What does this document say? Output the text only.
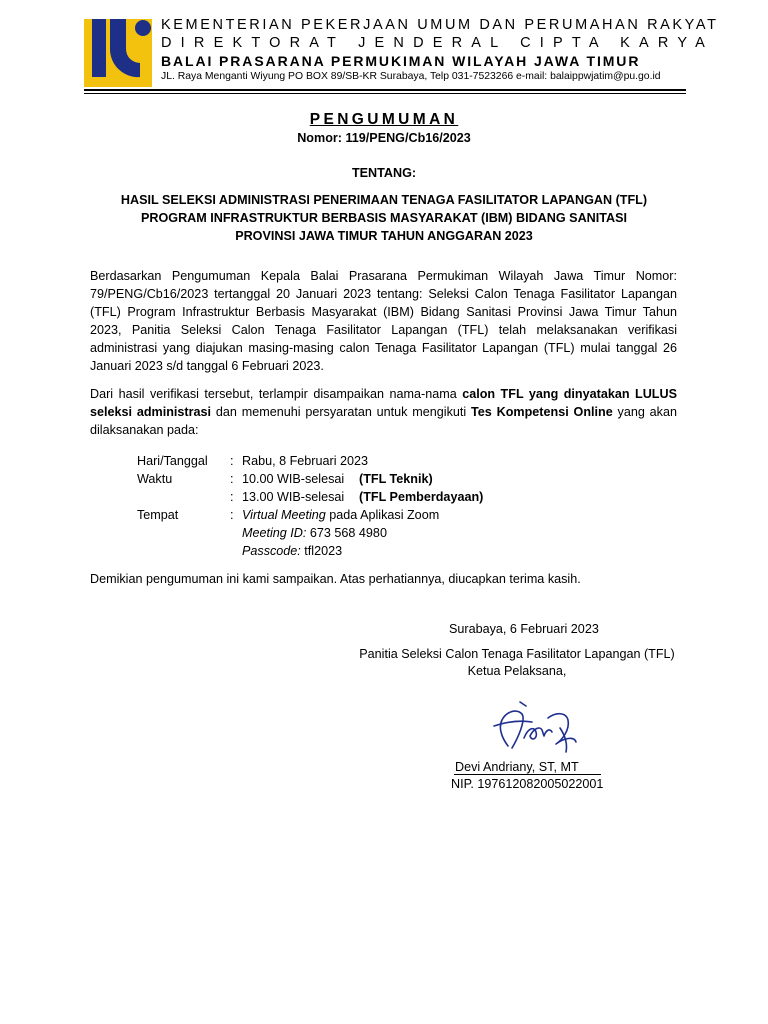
KEMENTERIAN PEKERJAAN UMUM DAN PERUMAHAN RAKYAT
DIREKTORAT JENDERAL CIPTA KARYA
BALAI PRASARANA PERMUKIMAN WILAYAH JAWA TIMUR
JL. Raya Menganti Wiyung PO BOX 89/SB-KR Surabaya, Telp 031-7523266 e-mail: balaippwjatim@pu.go.id
PENGUMUMAN
Nomor: 119/PENG/Cb16/2023
TENTANG:
HASIL SELEKSI ADMINISTRASI PENERIMAAN TENAGA FASILITATOR LAPANGAN (TFL)
PROGRAM INFRASTRUKTUR BERBASIS MASYARAKAT (IBM) BIDANG SANITASI
PROVINSI JAWA TIMUR TAHUN ANGGARAN 2023
Berdasarkan Pengumuman Kepala Balai Prasarana Permukiman Wilayah Jawa Timur Nomor: 79/PENG/Cb16/2023 tertanggal 20 Januari 2023 tentang: Seleksi Calon Tenaga Fasilitator Lapangan (TFL) Program Infrastruktur Berbasis Masyarakat (IBM) Bidang Sanitasi Provinsi Jawa Timur Tahun 2023, Panitia Seleksi Calon Tenaga Fasilitator Lapangan (TFL) telah melaksanakan verifikasi administrasi yang diajukan masing-masing calon Tenaga Fasilitator Lapangan (TFL) mulai tanggal 26 Januari 2023 s/d tanggal 6 Februari 2023.
Dari hasil verifikasi tersebut, terlampir disampaikan nama-nama calon TFL yang dinyatakan LULUS seleksi administrasi dan memenuhi persyaratan untuk mengikuti Tes Kompetensi Online yang akan dilaksanakan pada:
Hari/Tanggal : Rabu, 8 Februari 2023
Waktu	: 10.00 WIB-selesai (TFL Teknik)
: 13.00 WIB-selesai (TFL Pemberdayaan)
Tempat	: Virtual Meeting pada Aplikasi Zoom
Meeting ID: 673 568 4980
Passcode: tfl2023
Demikian pengumuman ini kami sampaikan. Atas perhatiannya, diucapkan terima kasih.
Surabaya, 6 Februari 2023
Panitia Seleksi Calon Tenaga Fasilitator Lapangan (TFL)
Ketua Pelaksana,
Devi Andriany, ST, MT
NIP. 197612082005022001
